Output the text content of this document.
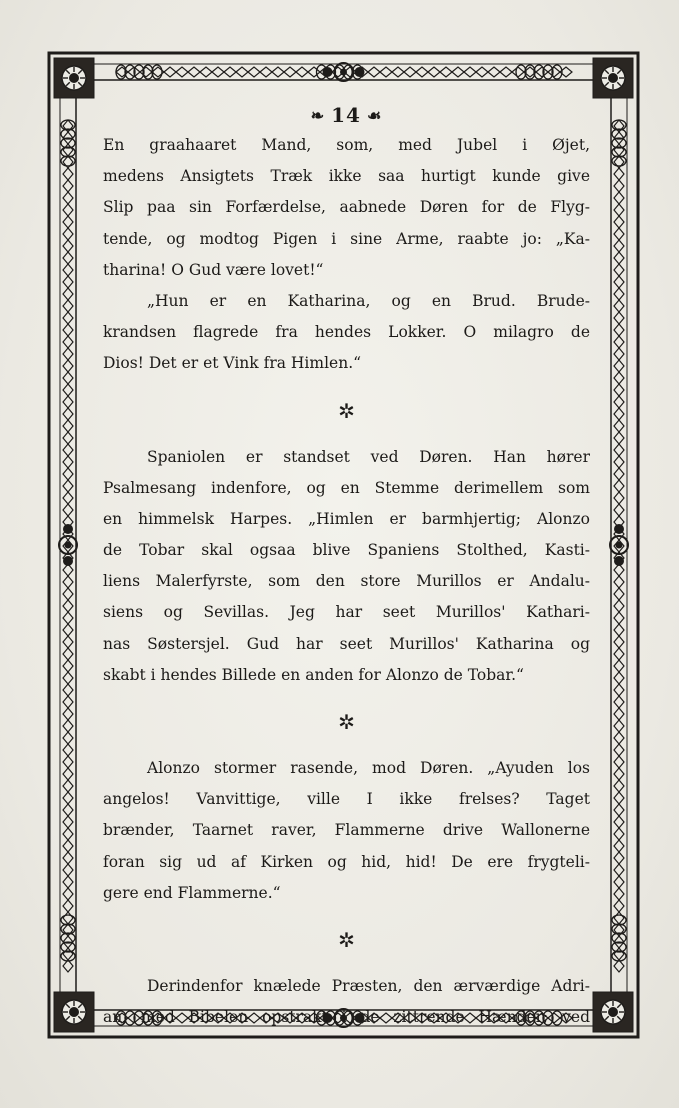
❧ 14 ☙
En graahaaret Mand, som, med Jubel i Øjet,
medens Ansigtets Træk ikke saa hurtigt kunde give
Slip paa sin Forfærdelse, aabnede Døren for de Flyg-
tende, og modtog Pigen i sine Arme, raabte jo: „Ka-
tharina! O Gud være lovet!“
„Hun er en Katharina, og en Brud. Brude-
krandsen flagrede fra hendes Lokker. O milagro de
Dios! Det er et Vink fra Himlen.“
✲
Spaniolen er standset ved Døren. Han hører
Psalmesang indenfore, og en Stemme derimellem som
en himmelsk Harpes. „Himlen er barmhjertig; Alonzo
de Tobar skal ogsaa blive Spaniens Stolthed, Kasti-
liens Malerfyrste, som den store Murillos er Andalu-
siens og Sevillas. Jeg har seet Murillos' Kathari-
nas Søstersjel. Gud har seet Murillos' Katharina og
skabt i hendes Billede en anden for Alonzo de Tobar.“
✲
Alonzo stormer rasende, mod Døren. „Ayuden los
angelos! Vanvittige, ville I ikke frelses? Taget
brænder, Taarnet raver, Flammerne drive Wallonerne
foran sig ud af Kirken og hid, hid! De ere frygteli-
gere end Flammerne.“
✲
Derindenfor knælede Præsten, den ærværdige Adri-
an, med Bibelen opstrakt i de zittrende Hænder; ved
